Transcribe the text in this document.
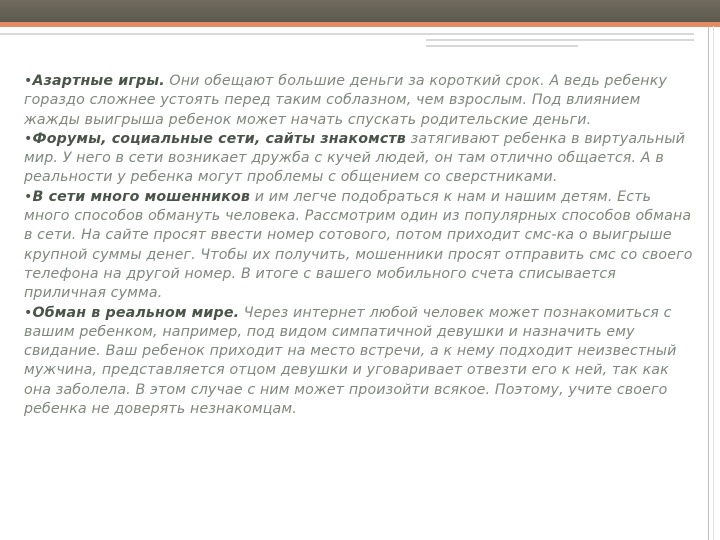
•Азартные игры. Они обещают большие деньги за короткий срок. А ведь ребенку гораздо сложнее устоять перед таким соблазном, чем взрослым. Под влиянием жажды выигрыша ребенок может начать спускать родительские деньги.

•Форумы, социальные сети, сайты знакомств затягивают ребенка в виртуальный мир. У него в сети возникает дружба с кучей людей, он там отлично общается. А в реальности у ребенка могут проблемы с общением со сверстниками.

•В сети много мошенников и им легче подобраться к нам и нашим детям. Есть много способов обмануть человека. Рассмотрим один из популярных способов обмана в сети. На сайте просят ввести номер сотового, потом приходит смс-ка о выигрыше крупной суммы денег. Чтобы их получить, мошенники просят отправить смс со своего телефона на другой номер. В итоге с вашего мобильного счета списывается приличная сумма.

•Обман в реальном мире. Через интернет любой человек может познакомиться с вашим ребенком, например, под видом симпатичной девушки и назначить ему свидание. Ваш ребенок приходит на место встречи, а к нему подходит неизвестный мужчина, представляется отцом девушки и уговаривает отвезти его к ней, так как она заболела. В этом случае с ним может произойти всякое. Поэтому, учите своего ребенка не доверять незнакомцам.
